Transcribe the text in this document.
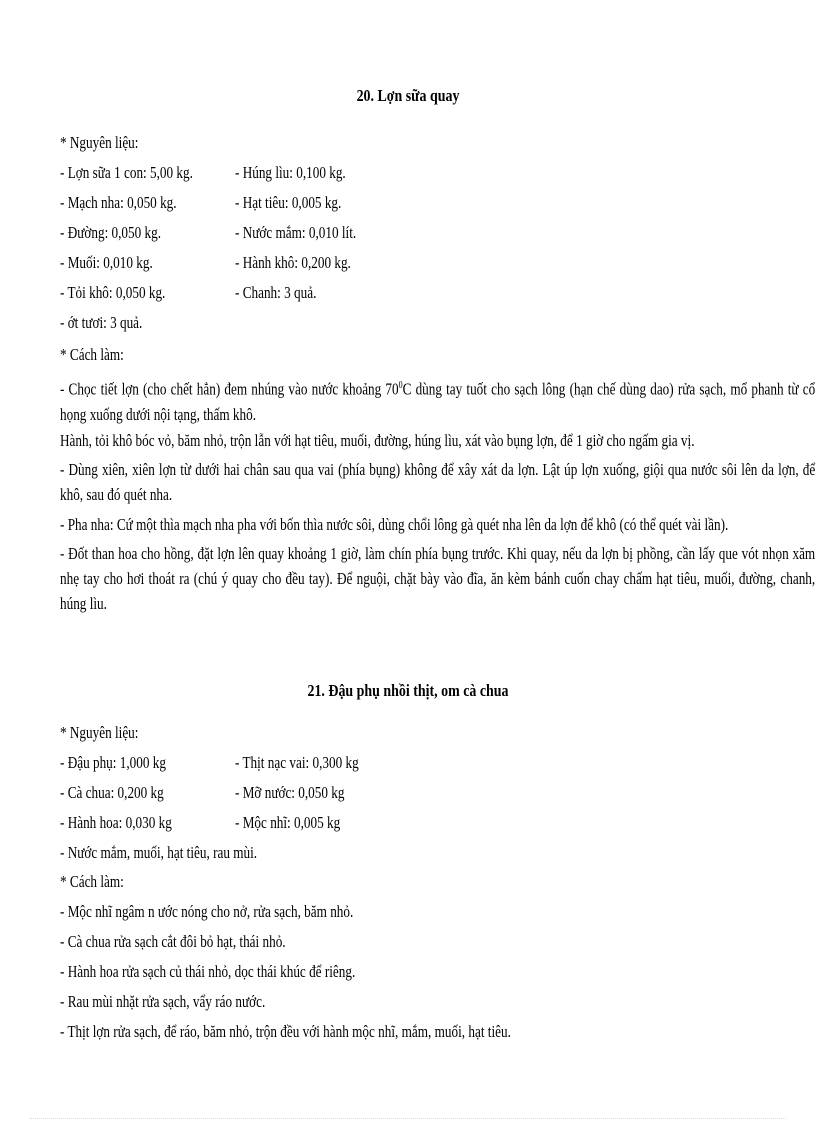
20. Lợn sữa quay
* Nguyên liệu:
- Lợn sữa 1 con: 5,00 kg.
- Mạch nha: 0,050 kg.
- Đường: 0,050 kg.
- Muối: 0,010 kg.
- Tỏi khô: 0,050 kg.
- ớt tươi: 3 quả.
- Húng lìu: 0,100 kg.
- Hạt tiêu: 0,005 kg.
- Nước mắm: 0,010 lít.
- Hành khô: 0,200 kg.
- Chanh: 3 quả.
* Cách làm:
- Chọc tiết lợn (cho chết hẳn) đem nhúng vào nước khoảng $70^0C$ dùng tay tuốt cho sạch lông (hạn chế dùng dao) rửa sạch, mổ phanh từ cổ họng xuống dưới nội tạng, thấm khô.
Hành, tỏi khô bóc vỏ, băm nhỏ, trộn lẫn với hạt tiêu, muối, đường, húng lìu, xát vào bụng lợn, để 1 giờ cho ngấm gia vị.
- Dùng xiên, xiên lợn từ dưới hai chân sau qua vai (phía bụng) không để xây xát da lợn. Lật úp lợn xuống, giội qua nước sôi lên da lợn, để khô, sau đó quét nha.
- Pha nha: Cứ một thìa mạch nha pha với bốn thìa nước sôi, dùng chổi lông gà quét nha lên da lợn để khô (có thể quét vài lần).
- Đốt than hoa cho hồng, đặt lợn lên quay khoảng 1 giờ, làm chín phía bụng trước. Khi quay, nếu da lợn bị phồng, cần lấy que vót nhọn xăm nhẹ tay cho hơi thoát ra (chú ý quay cho đều tay). Để nguội, chặt bày vào đĩa, ăn kèm bánh cuốn chay chấm hạt tiêu, muối, đường, chanh, húng lìu.
21. Đậu phụ nhồi thịt, om cà chua
* Nguyên liệu:
- Đậu phụ: 1,000 kg
- Cà chua: 0,200 kg
- Hành hoa: 0,030 kg
- Thịt nạc vai: 0,300 kg
- Mỡ nước: 0,050 kg
- Mộc nhĩ: 0,005 kg
- Nước mắm, muối, hạt tiêu, rau mùi.
* Cách làm:
- Mộc nhĩ ngâm n ước nóng cho nở, rửa sạch, băm nhỏ.
- Cà chua rửa sạch cắt đôi bỏ hạt, thái nhỏ.
- Hành hoa rửa sạch củ thái nhỏ, dọc thái khúc để riêng.
- Rau mùi nhặt rửa sạch, vẩy ráo nước.
- Thịt lợn rửa sạch, để ráo, băm nhỏ, trộn đều với hành mộc nhĩ, mắm, muối, hạt tiêu.
